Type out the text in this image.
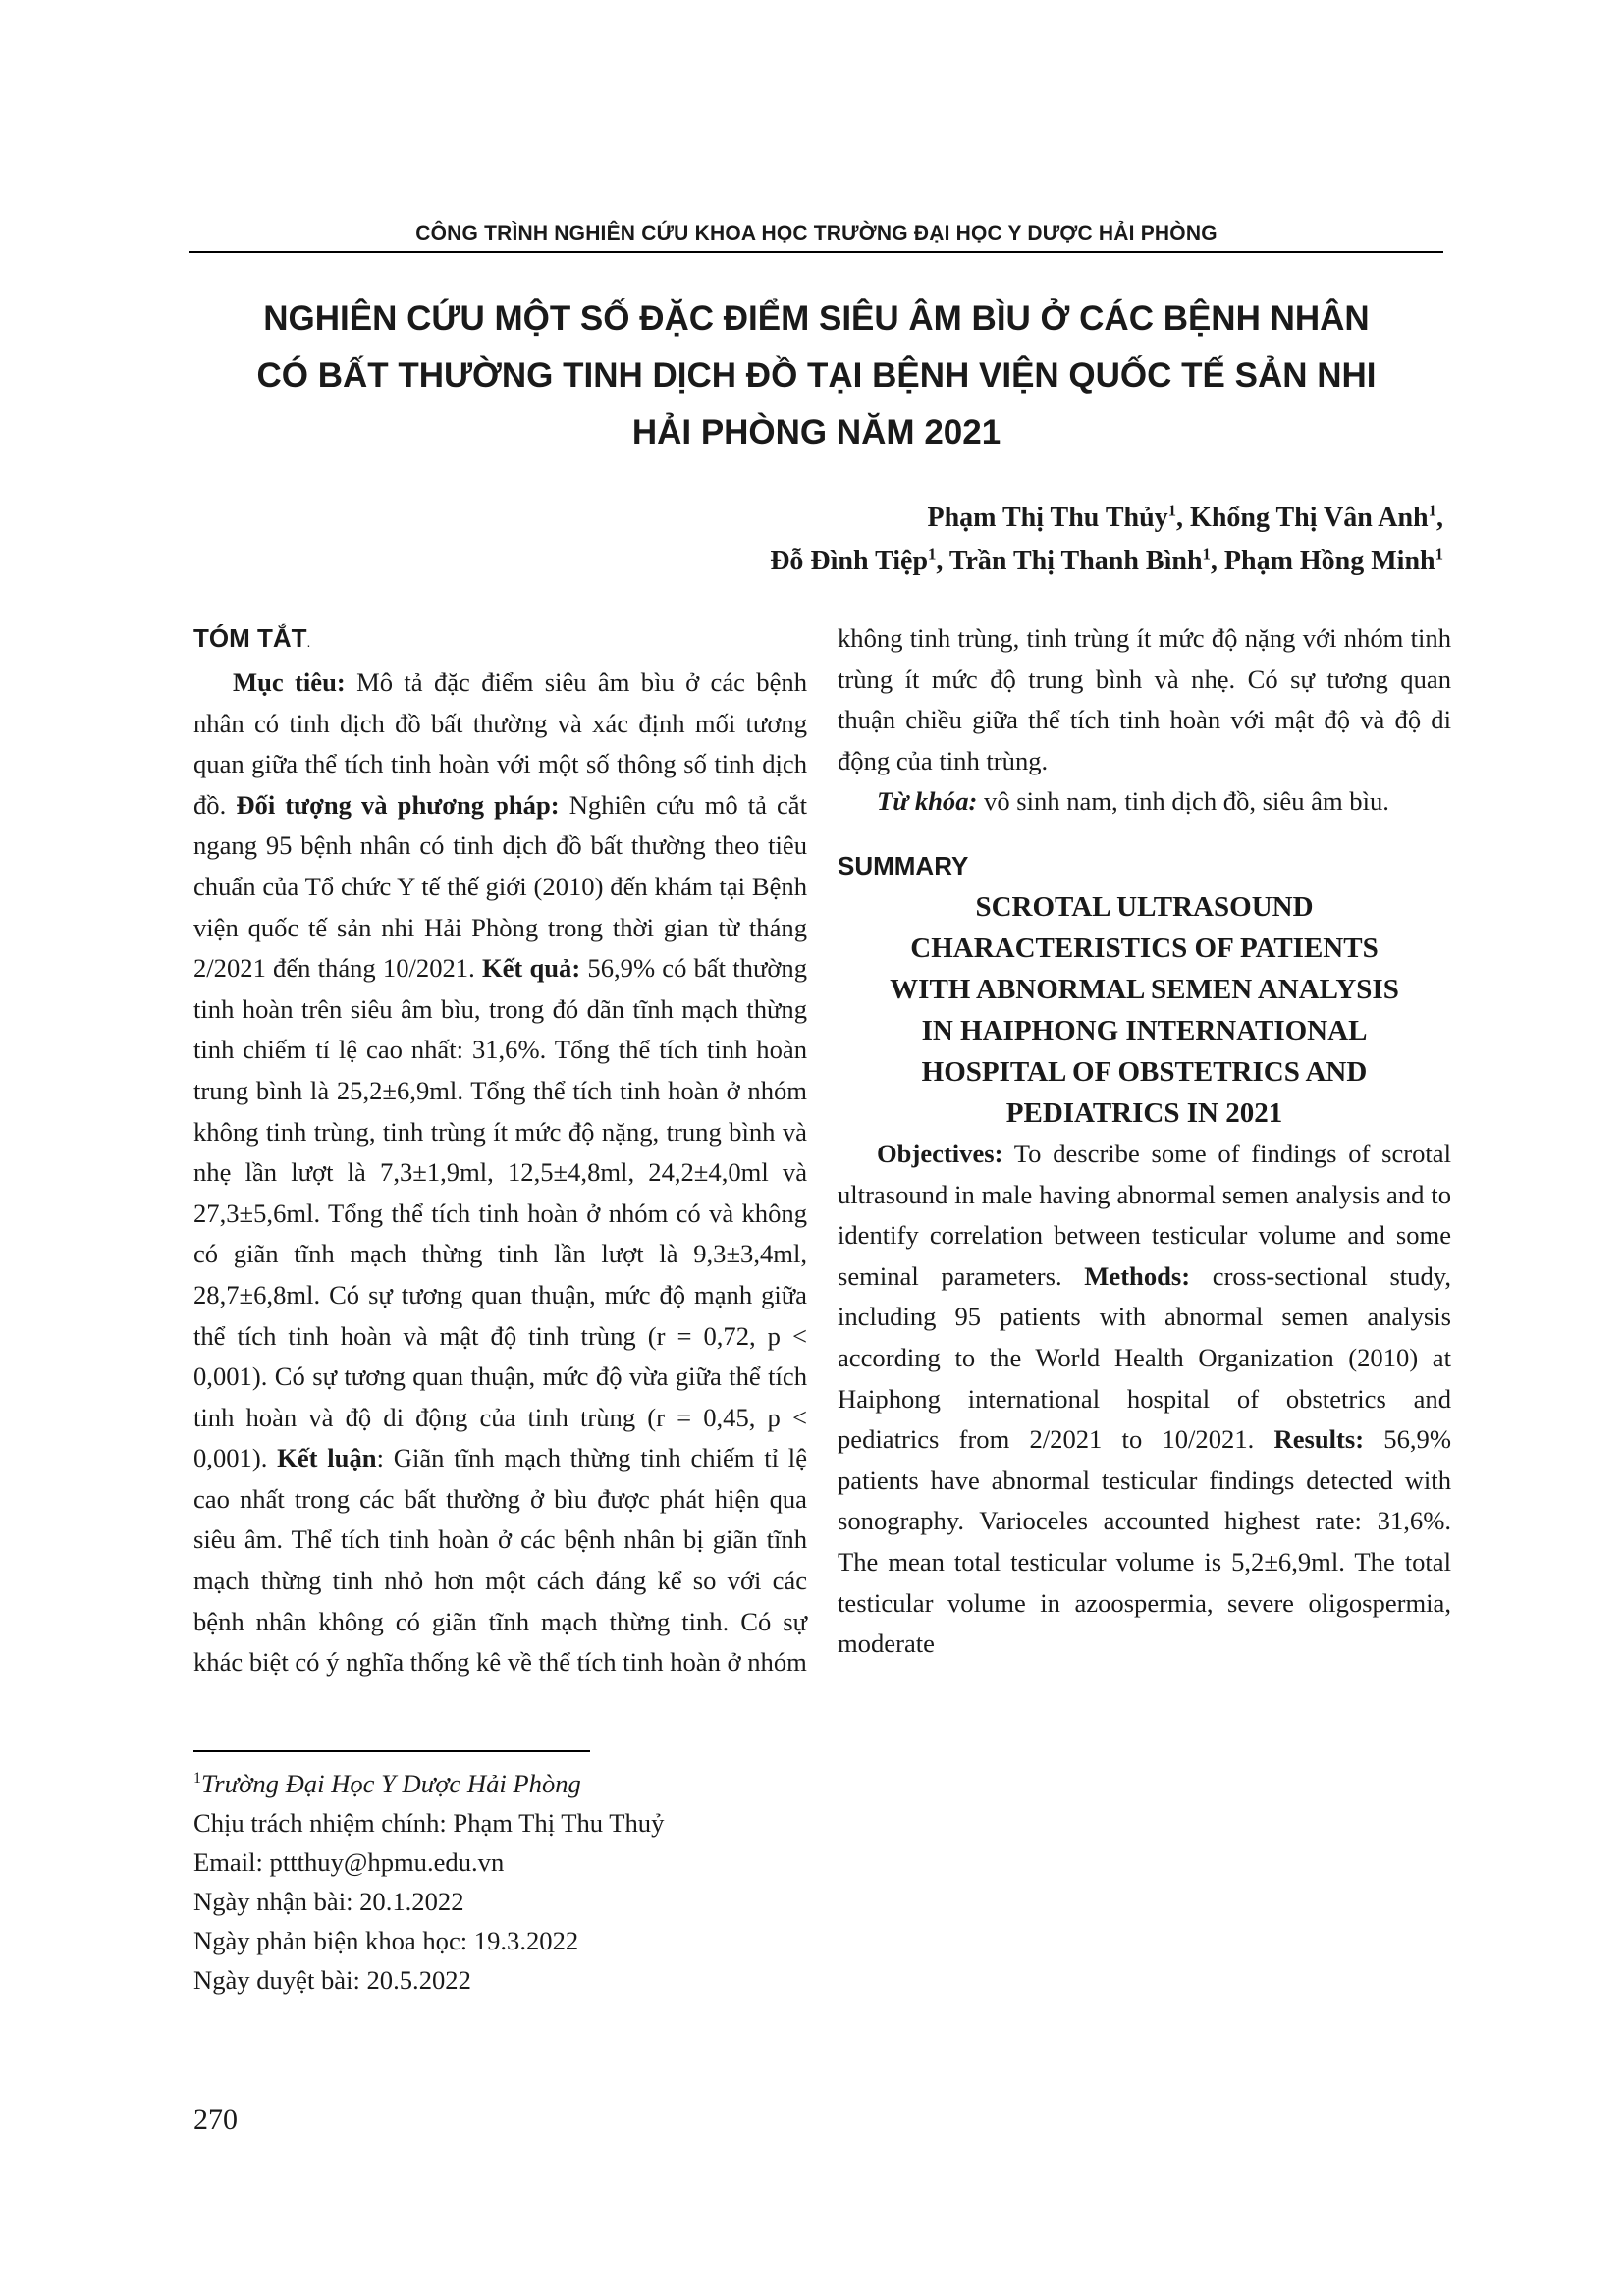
CÔNG TRÌNH NGHIÊN CỨU KHOA HỌC TRƯỜNG ĐẠI HỌC Y DƯỢC HẢI PHÒNG
NGHIÊN CỨU MỘT SỐ ĐẶC ĐIỂM SIÊU ÂM BÌU Ở CÁC BỆNH NHÂN
CÓ BẤT THƯỜNG TINH DỊCH ĐỒ TẠI BỆNH VIỆN QUỐC TẾ SẢN NHI
HẢI PHÒNG NĂM 2021
Phạm Thị Thu Thủy$^1$, Khổng Thị Vân Anh$^1$,
Đỗ Đình Tiệp$^1$, Trần Thị Thanh Bình$^1$, Phạm Hồng Minh$^1$
TÓM TẮT.

Mục tiêu: Mô tả đặc điểm siêu âm bìu ở các bệnh nhân có tinh dịch đồ bất thường và xác định mối tương quan giữa thể tích tinh hoàn với một số thông số tinh dịch đồ. Đối tượng và phương pháp: Nghiên cứu mô tả cắt ngang 95 bệnh nhân có tinh dịch đồ bất thường theo tiêu chuẩn của Tổ chức Y tế thế giới (2010) đến khám tại Bệnh viện quốc tế sản nhi Hải Phòng trong thời gian từ tháng 2/2021 đến tháng 10/2021. Kết quả: 56,9% có bất thường tinh hoàn trên siêu âm bìu, trong đó dãn tĩnh mạch thừng tinh chiếm tỉ lệ cao nhất: 31,6%. Tổng thể tích tinh hoàn trung bình là 25,2±6,9ml. Tổng thể tích tinh hoàn ở nhóm không tinh trùng, tinh trùng ít mức độ nặng, trung bình và nhẹ lần lượt là 7,3±1,9ml, 12,5±4,8ml, 24,2±4,0ml và 27,3±5,6ml. Tổng thể tích tinh hoàn ở nhóm có và không có giãn tĩnh mạch thừng tinh lần lượt là 9,3±3,4ml, 28,7±6,8ml. Có sự tương quan thuận, mức độ mạnh giữa thể tích tinh hoàn và mật độ tinh trùng (r = 0,72, p < 0,001). Có sự tương quan thuận, mức độ vừa giữa thể tích tinh hoàn và độ di động của tinh trùng (r = 0,45, p < 0,001). Kết luận: Giãn tĩnh mạch thừng tinh chiếm tỉ lệ cao nhất trong các bất thường ở bìu được phát hiện qua siêu âm. Thể tích tinh hoàn ở các bệnh nhân bị giãn tĩnh mạch thừng tinh nhỏ hơn một cách đáng kể so với các bệnh nhân không có giãn tĩnh mạch thừng tinh. Có sự khác biệt có ý nghĩa thống kê về thể tích tinh hoàn ở nhóm

$^1$Trường Đại Học Y Dược Hải Phòng
Chịu trách nhiệm chính: Phạm Thị Thu Thuỷ
Email: pttthuy@hpmu.edu.vn
Ngày nhận bài: 20.1.2022
Ngày phản biện khoa học: 19.3.2022
Ngày duyệt bài: 20.5.2022
270

không tinh trùng, tinh trùng ít mức độ nặng với nhóm tinh trùng ít mức độ trung bình và nhẹ. Có sự tương quan thuận chiều giữa thể tích tinh hoàn với mật độ và độ di động của tinh trùng.

Từ khóa: vô sinh nam, tinh dịch đồ, siêu âm bìu.

SUMMARY
SCROTAL ULTRASOUND
CHARACTERISTICS OF PATIENTS
WITH ABNORMAL SEMEN ANALYSIS
IN HAIPHONG INTERNATIONAL
HOSPITAL OF OBSTETRICS AND
PEDIATRICS IN 2021

Objectives: To describe some of findings of scrotal ultrasound in male having abnormal semen analysis and to identify correlation between testicular volume and some seminal parameters. Methods: cross-sectional study, including 95 patients with abnormal semen analysis according to the World Health Organization (2010) at Haiphong international hospital of obstetrics and pediatrics from 2/2021 to 10/2021. Results: 56,9% patients have abnormal testicular findings detected with sonography. Varioceles accounted highest rate: 31,6%. The mean total testicular volume is 5,2±6,9ml. The total testicular volume in azoospermia, severe oligospermia, moderate
